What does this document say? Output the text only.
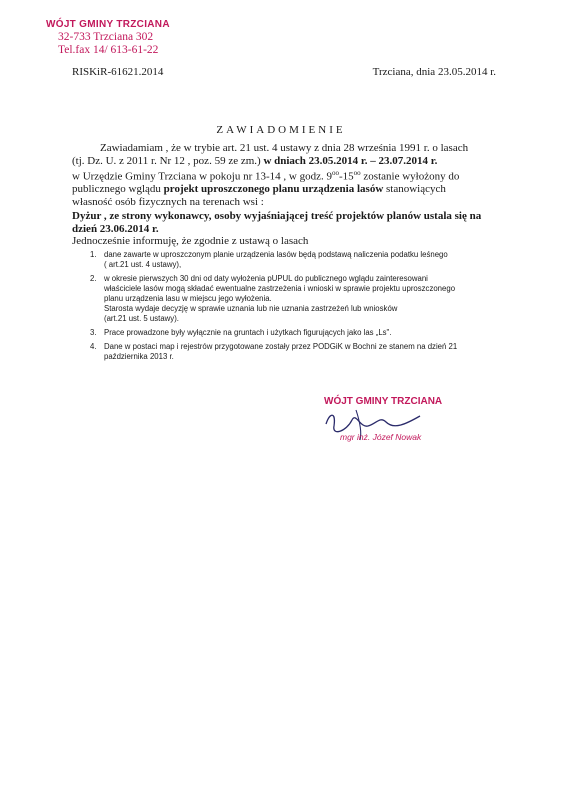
WÓJT GMINY TRZCIANA
32-733 Trzciana 302
Tel.fax 14/ 613-61-22
RISKiR-61621.2014	Trzciana, dnia 23.05.2014 r.
ZAWIADOMIENIE

Zawiadamiam , że w trybie art. 21 ust. 4 ustawy z dnia 28 września 1991 r. o lasach

(tj. Dz. U. z 2011 r. Nr 12 , poz. 59 ze zm.) w dniach 23.05.2014 r. – 23.07.2014 r.

w Urzędzie Gminy Trzciana w pokoju nr 13-14 , w godz. $9^{oo}-15^{oo}$ zostanie wyłożony do

publicznego wglądu projekt uproszczonego planu urządzenia lasów stanowiących

własność osób fizycznych na terenach wsi :

Dyżur , ze strony wykonawcy, osoby wyjaśniającej treść projektów planów ustala się na

dzień 23.06.2014 r.

Jednocześnie informuję, że zgodnie z ustawą o lasach

1. dane zawarte w uproszczonym planie urządzenia lasów będą podstawą naliczenia podatku leśnego
( art.21 ust. 4 ustawy),
2. w okresie pierwszych 30 dni od daty wyłożenia pUPUL do publicznego wglądu zainteresowani
właściciele lasów mogą składać ewentualne zastrzeżenia i wnioski w sprawie projektu uproszczonego
planu urządzenia lasu w miejscu jego wyłożenia.
Starosta wydaje decyzję w sprawie uznania lub nie uznania zastrzeżeń lub wniosków
(art.21 ust. 5 ustawy).
3. Prace prowadzone były wyłącznie na gruntach i użytkach figurujących jako las „Ls".
4. Dane w postaci map i rejestrów przygotowane zostały przez PODGiK w Bochni ze stanem na dzień 21
października 2013 r.
WÓJT GMINY TRZCIANA
mgr inż. Józef Nowak
